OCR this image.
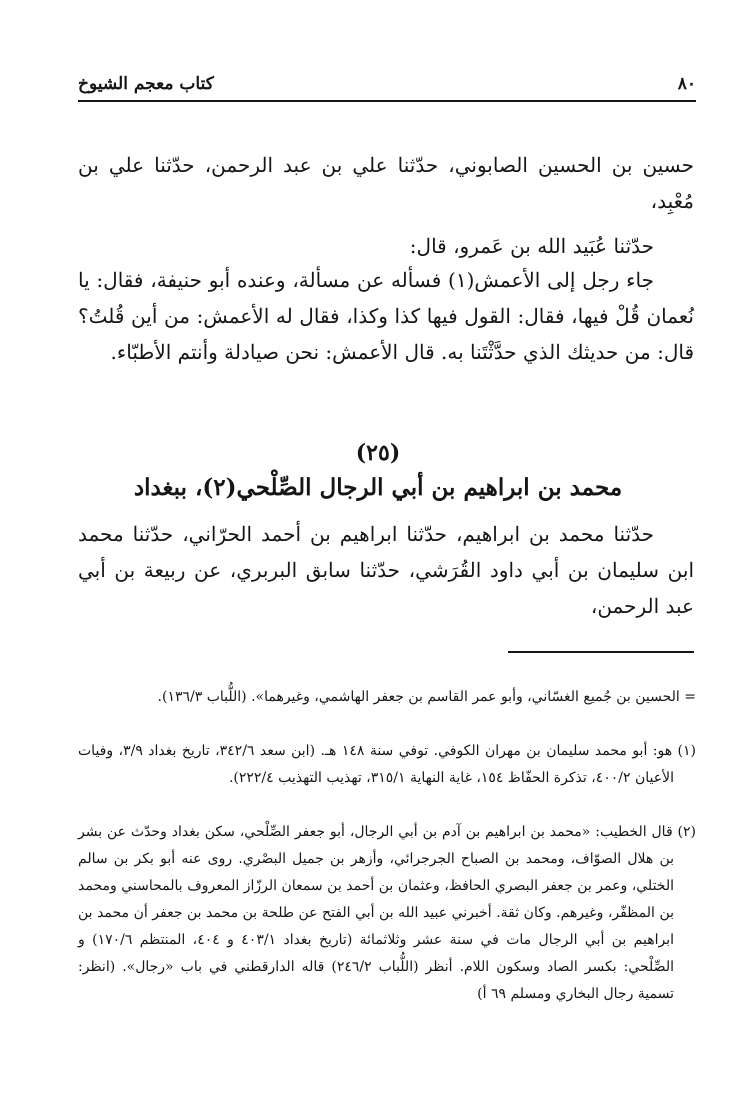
٨٠
كتاب معجم الشيوخ

حسين بن الحسين الصابوني، حدّثنا علي بن عبد الرحمن، حدّثنا علي بن مُعْبِد،

حدّثنا عُبَيد الله بن عَمرو، قال:

جاء رجل إلى الأعمش(١) فسأله عن مسألة، وعنده أبو حنيفة، فقال: يا نُعمان قُلْ فيها، فقال: القول فيها كذا وكذا، فقال له الأعمش: من أين قُلتُ؟ قال: من حديثك الذي حدَّثْتَنا به. قال الأعمش: نحن صيادلة وأنتم الأطبّاء.

(٢٥)
محمد بن ابراهيم بن أبي الرجال الصِّلْحي(٢)، ببغداد

حدّثنا محمد بن ابراهيم، حدّثنا ابراهيم بن أحمد الحرّاني، حدّثنا محمد ابن سليمان بن أبي داود القُرَشي، حدّثنا سابق البربري، عن ربيعة بن أبي عبد الرحمن،

= الحسين بن جُميع الغسّاني، وأبو عمر القاسم بن جعفر الهاشمي، وغيرهما». (اللُّباب ١٣٦/٣).

(١) هو: أبو محمد سليمان بن مهران الكوفي. توفي سنة ١٤٨ هـ. (ابن سعد ٣٤٢/٦، تاريخ بغداد ٣/٩، وفيات الأعيان ٤٠٠/٢، تذكرة الحفّاظ ١٥٤، غاية النهاية ٣١٥/١، تهذيب التهذيب ٢٢٢/٤).

(٢) قال الخطيب: «محمد بن ابراهيم بن آدم بن أبي الرجال، أبو جعفر الصِّلْحي، سكن بغداد وحدّث عن بشر بن هلال الصوّاف، ومحمد بن الصباح الجرجرائي، وأزهر بن جميل البصْري. روى عنه أبو بكر بن سالم الختلي، وعمر بن جعفر البصري الحافظ، وعثمان بن أحمد بن سمعان الرزّاز المعروف بالمحاسني ومحمد بن المظفّر، وغيرهم. وكان ثقة. أخبرني عبيد الله بن أبي الفتح عن طلحة بن محمد بن جعفر أن محمد بن ابراهيم بن أبي الرجال مات في سنة عشر وثلاثمائة (تاريخ بغداد ٤٠٣/١ و ٤٠٤، المنتظم ١٧٠/٦) و الصِّلْحي: بكسر الصاد وسكون اللام. أنظر (اللُّباب ٢٤٦/٢) قاله الدارقطني في باب «رجال». (انظر: تسمية رجال البخاري ومسلم ٦٩ أ)
